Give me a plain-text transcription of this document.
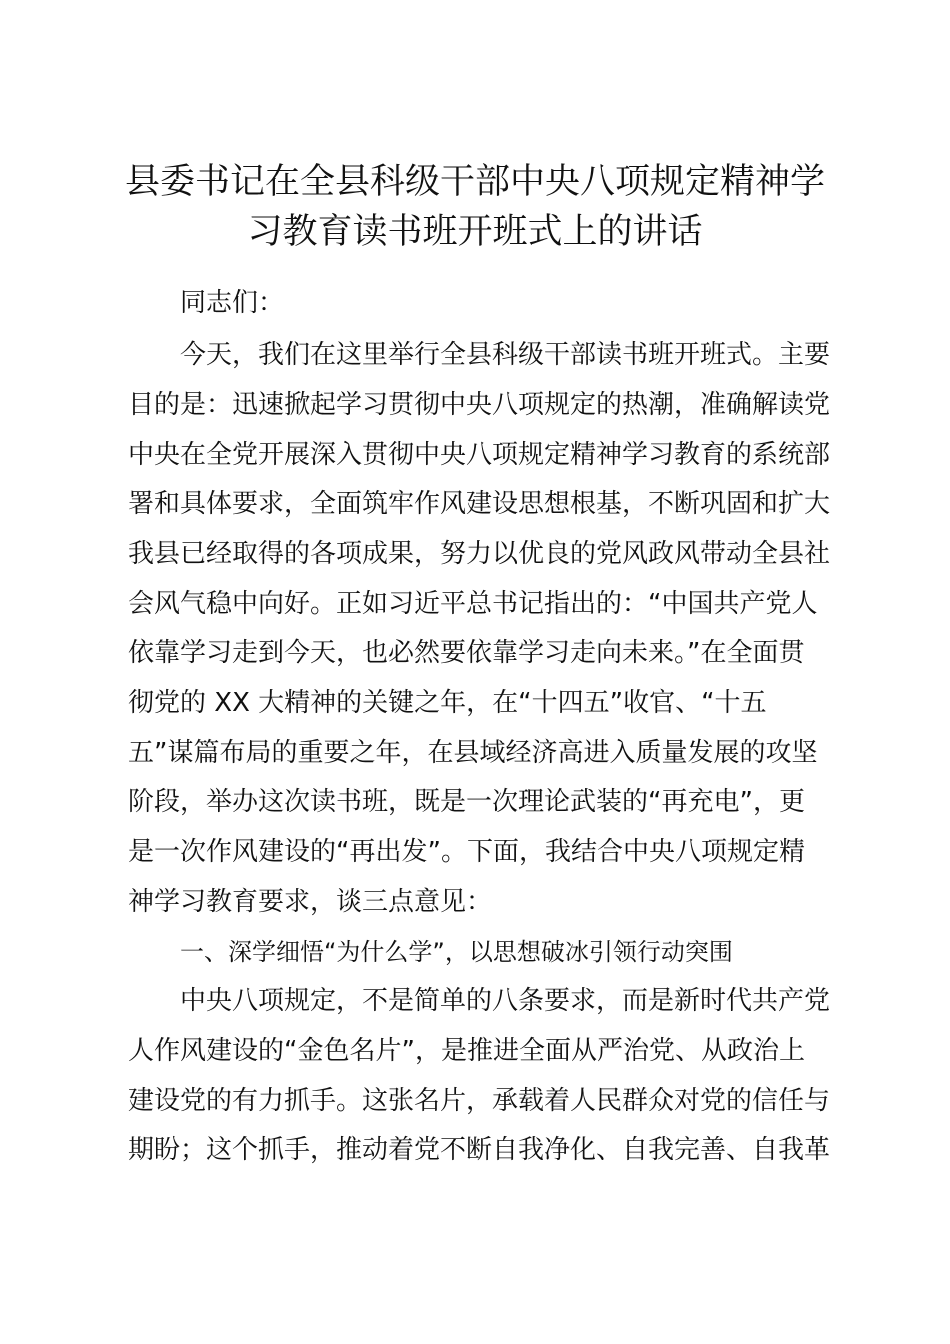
县委书记在全县科级干部中央八项规定精神学
习教育读书班开班式上的讲话

同志们：

今天，我们在这里举行全县科级干部读书班开班式。主要

目的是：迅速掀起学习贯彻中央八项规定的热潮，准确解读党

中央在全党开展深入贯彻中央八项规定精神学习教育的系统部

署和具体要求，全面筑牢作风建设思想根基，不断巩固和扩大

我县已经取得的各项成果，努力以优良的党风政风带动全县社

会风气稳中向好。正如习近平总书记指出的：“中国共产党人

依靠学习走到今天，也必然要依靠学习走向未来。”在全面贯

彻党的 XX 大精神的关键之年，在“十四五”收官、“十五

五”谋篇布局的重要之年，在县域经济高进入质量发展的攻坚

阶段，举办这次读书班，既是一次理论武装的“再充电”，更

是一次作风建设的“再出发”。下面，我结合中央八项规定精

神学习教育要求，谈三点意见：

一、深学细悟“为什么学”，以思想破冰引领行动突围

中央八项规定，不是简单的八条要求，而是新时代共产党

人作风建设的“金色名片”，是推进全面从严治党、从政治上

建设党的有力抓手。这张名片，承载着人民群众对党的信任与

期盼；这个抓手，推动着党不断自我净化、自我完善、自我革
